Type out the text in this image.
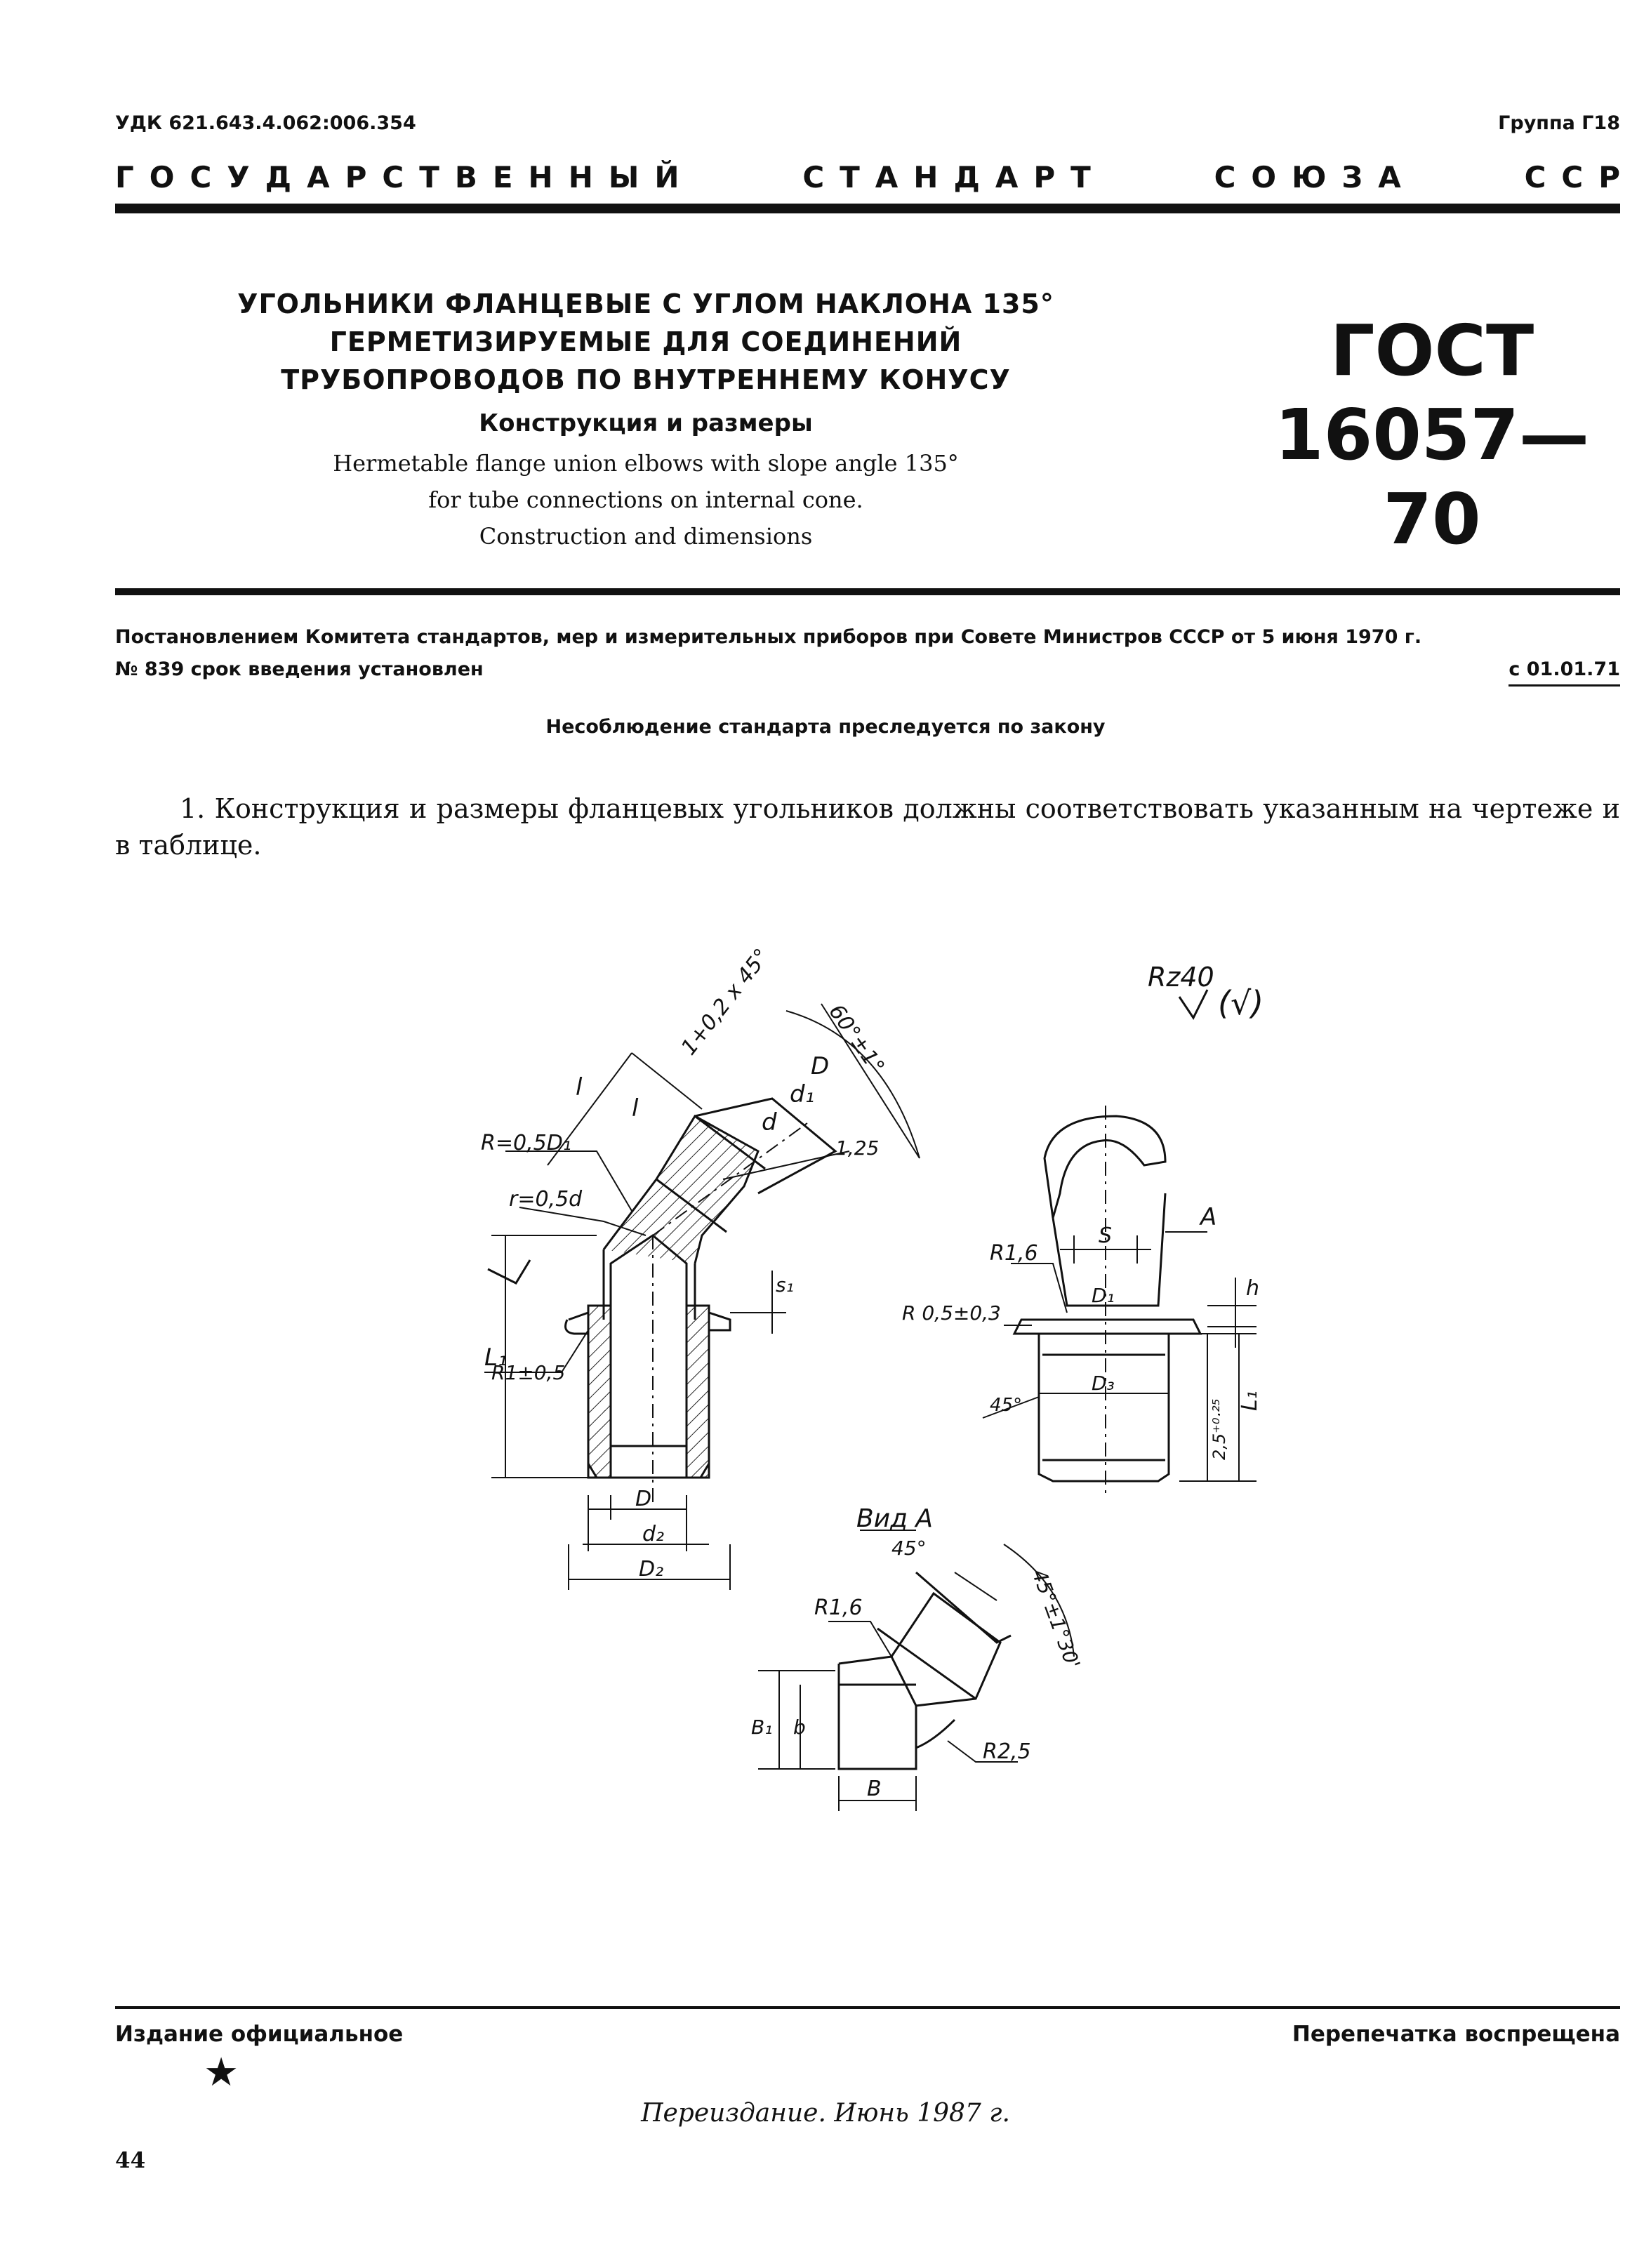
УДК 621.643.4.062:006.354	Группа Г18
ГОСУДАРСТВЕННЫЙ	СТАНДАРТ	СОЮЗА	ССР
УГОЛЬНИКИ ФЛАНЦЕВЫЕ С УГЛОМ НАКЛОНА 135°
ГЕРМЕТИЗИРУЕМЫЕ ДЛЯ СОЕДИНЕНИЙ
ТРУБОПРОВОДОВ ПО ВНУТРЕННЕМУ КОНУСУ
Конструкция и размеры
Hermetable flange union elbows with slope angle 135°
for tube connections on internal cone.
Construction and dimensions
ГОСТ
16057—70
Постановлением Комитета стандартов, мер и измерительных приборов при Совете Министров СССР от 5 июня 1970 г.
№ 839 срок введения установлен	с 01.01.71
Несоблюдение стандарта преследуется по закону
1. Конструкция и размеры фланцевых угольников должны соответствовать указанным на чертеже и в таблице.
Rz40
(√)
l
l
1+0,2 x 45° 60°±1°
D
d₁
d
1,25
R=0,5D₁
r=0,5d
L₁
R1±0,5
s₁
D
d₂
D₂
A
S
R1,6
D₁
R 0,5±0,3
h
D₃
45°	2,5⁺⁰·²⁵ L₁
Вид А
45°
45°±1°30'
R1,6
b
B₁
R2,5
B
Издание официальное	Перепечатка воспрещена
★
Переиздание. Июнь 1987 г.
44
